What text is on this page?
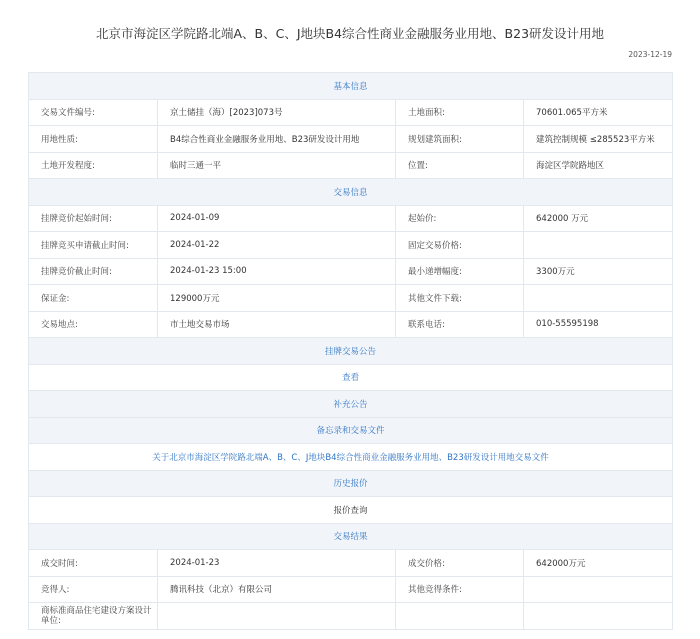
北京市海淀区学院路北端A、B、C、J地块B4综合性商业金融服务业用地、B23研发设计用地
2023-12-19
基本信息			
交易文件编号:	京土储挂（海）[2023]073号	土地面积:	70601.065平方米
用地性质:	B4综合性商业金融服务业用地、B23研发设计用地	规划建筑面积:	建筑控制规模 ≤285523平方米
土地开发程度:	临时三通一平	位置:	海淀区学院路地区
交易信息			
挂牌竞价起始时间:	2024-01-09	起始价:	642000 万元
挂牌竞买申请截止时间:	2024-01-22	固定交易价格:	
挂牌竞价截止时间:	2024-01-23 15:00	最小递增幅度:	3300万元
保证金:	129000万元	其他文件下载:	
交易地点:	市土地交易市场	联系电话:	010-55595198
挂牌交易公告			
查看			
补充公告			
备忘录和交易文件			
关于北京市海淀区学院路北端A、B、C、J地块B4综合性商业金融服务业用地、B23研发设计用地交易文件			
历史报价			
报价查询			
交易结果			
成交时间:	2024-01-23	成交价格:	642000万元
竞得人:	腾讯科技（北京）有限公司	其他竞得条件:	
商标准商品住宅建设方案设计单位:			
